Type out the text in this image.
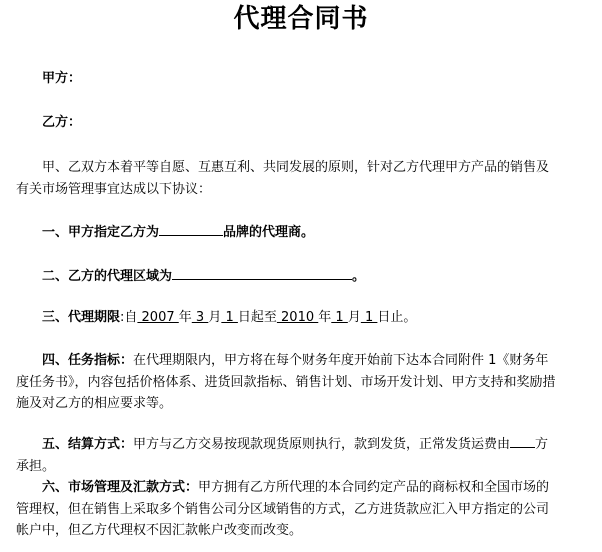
代理合同书
甲方：
乙方：
甲、乙双方本着平等自愿、互惠互利、共同发展的原则，针对乙方代理甲方产品的销售及有关市场管理事宜达成以下协议：
一、甲方指定乙方为	品牌的代理商。
二、乙方的代理区域为	。
三、代理期限:自 2007 年 3 月 1 日起至 2010 年 1 月 1 日止。
四、任务指标：在代理期限内，甲方将在每个财务年度开始前下达本合同附件 1《财务年度任务书》，内容包括价格体系、进货回款指标、销售计划、市场开发计划、甲方支持和奖励措施及对乙方的相应要求等。
五、结算方式：甲方与乙方交易按现款现货原则执行，款到发货，正常发货运费由 方承担。
六、市场管理及汇款方式：甲方拥有乙方所代理的本合同约定产品的商标权和全国市场的管理权，但在销售上采取多个销售公司分区域销售的方式，乙方进货款应汇入甲方指定的公司帐户中，但乙方代理权不因汇款帐户改变而改变。
